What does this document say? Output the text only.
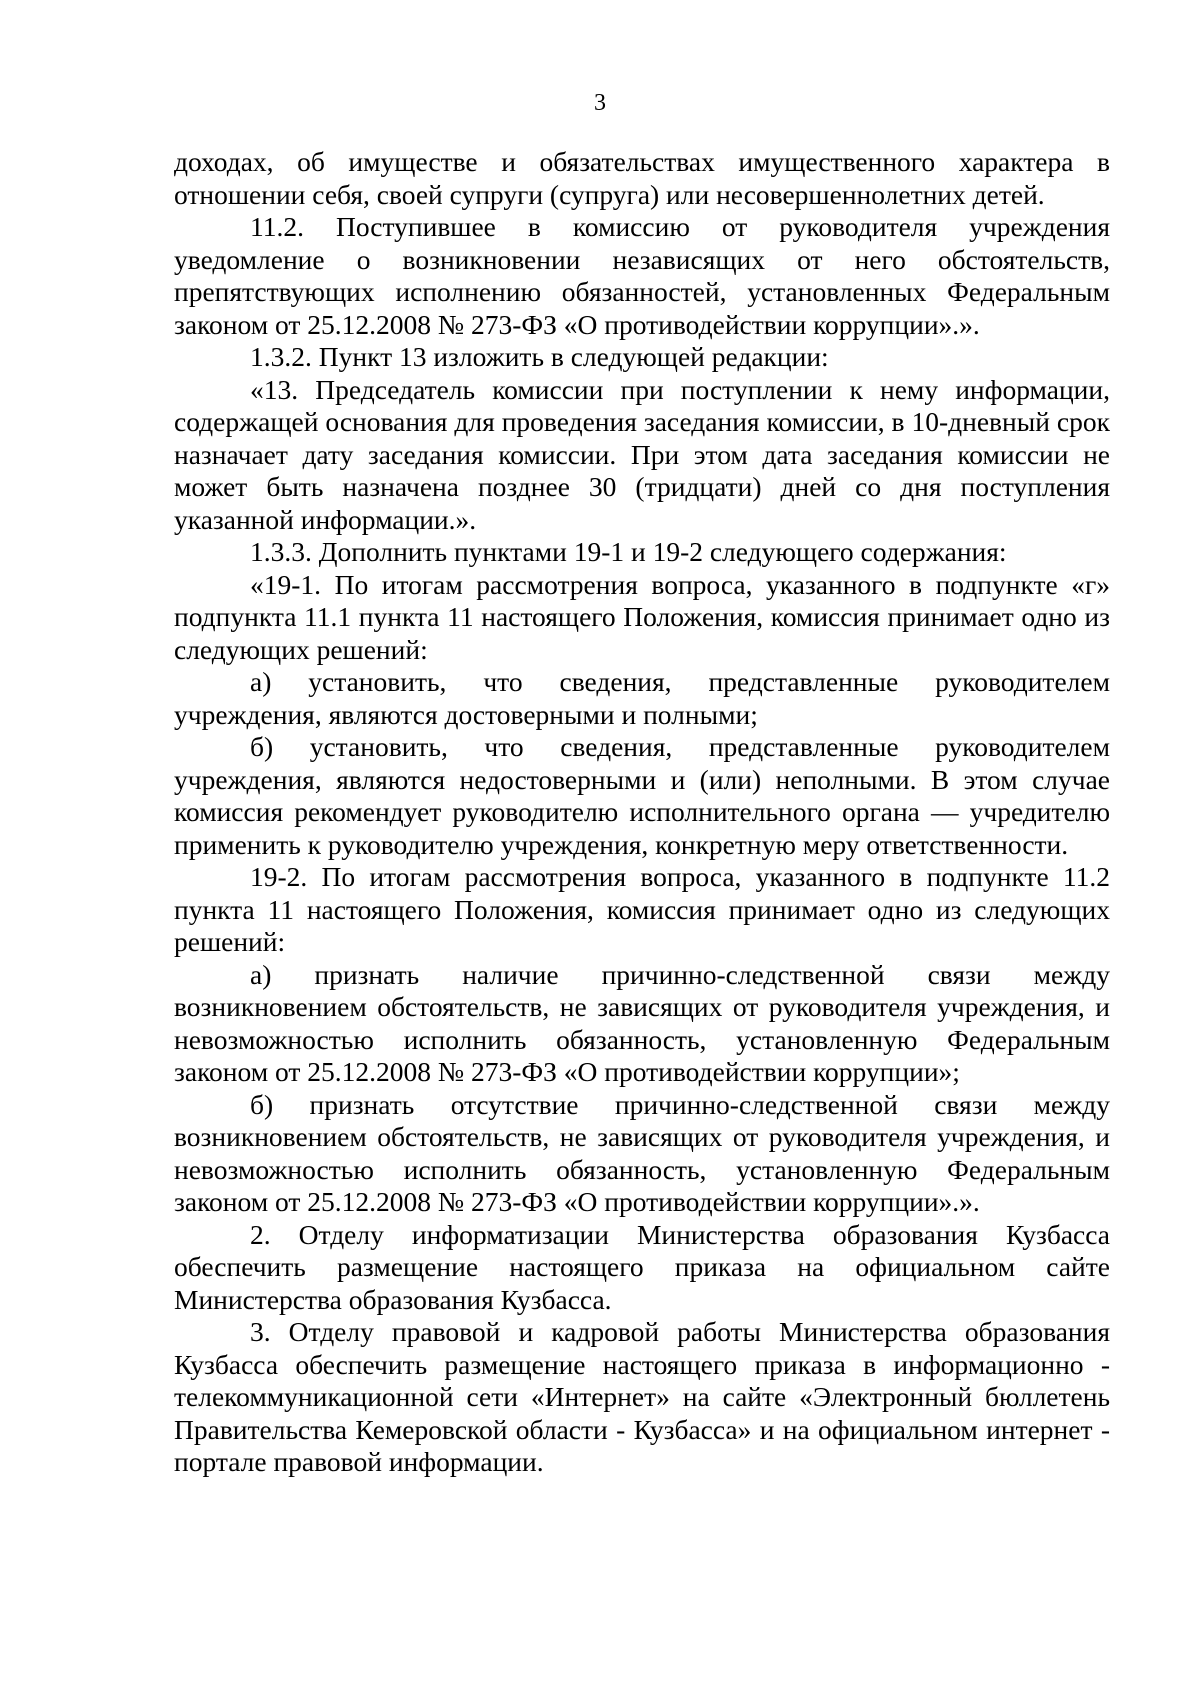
3

доходах, об имуществе и обязательствах имущественного характера в отношении себя, своей супруги (супруга) или несовершеннолетних детей.

11.2. Поступившее в комиссию от руководителя учреждения уведомление о возникновении независящих от него обстоятельств, препятствующих исполнению обязанностей, установленных Федеральным законом от 25.12.2008 № 273-ФЗ «О противодействии коррупции».».

1.3.2. Пункт 13 изложить в следующей редакции:

«13. Председатель комиссии при поступлении к нему информации, содержащей основания для проведения заседания комиссии, в 10-дневный срок назначает дату заседания комиссии. При этом дата заседания комиссии не может быть назначена позднее 30 (тридцати) дней со дня поступления указанной информации.».

1.3.3. Дополнить пунктами 19-1 и 19-2 следующего содержания:

«19-1. По итогам рассмотрения вопроса, указанного в подпункте «г» подпункта 11.1 пункта 11 настоящего Положения, комиссия принимает одно из следующих решений:

а) установить, что сведения, представленные руководителем учреждения, являются достоверными и полными;

б) установить, что сведения, представленные руководителем учреждения, являются недостоверными и (или) неполными. В этом случае комиссия рекомендует руководителю исполнительного органа — учредителю применить к руководителю учреждения, конкретную меру ответственности.

19-2. По итогам рассмотрения вопроса, указанного в подпункте 11.2 пункта 11 настоящего Положения, комиссия принимает одно из следующих решений:

а) признать наличие причинно-следственной связи между возникновением обстоятельств, не зависящих от руководителя учреждения, и невозможностью исполнить обязанность, установленную Федеральным законом от 25.12.2008 № 273-ФЗ «О противодействии коррупции»;

б) признать отсутствие причинно-следственной связи между возникновением обстоятельств, не зависящих от руководителя учреждения, и невозможностью исполнить обязанность, установленную Федеральным законом от 25.12.2008 № 273-ФЗ «О противодействии коррупции».».

2. Отделу информатизации Министерства образования Кузбасса обеспечить размещение настоящего приказа на официальном сайте Министерства образования Кузбасса.

3. Отделу правовой и кадровой работы Министерства образования Кузбасса обеспечить размещение настоящего приказа в информационно - телекоммуникационной сети «Интернет» на сайте «Электронный бюллетень Правительства Кемеровской области - Кузбасса» и на официальном интернет - портале правовой информации.
